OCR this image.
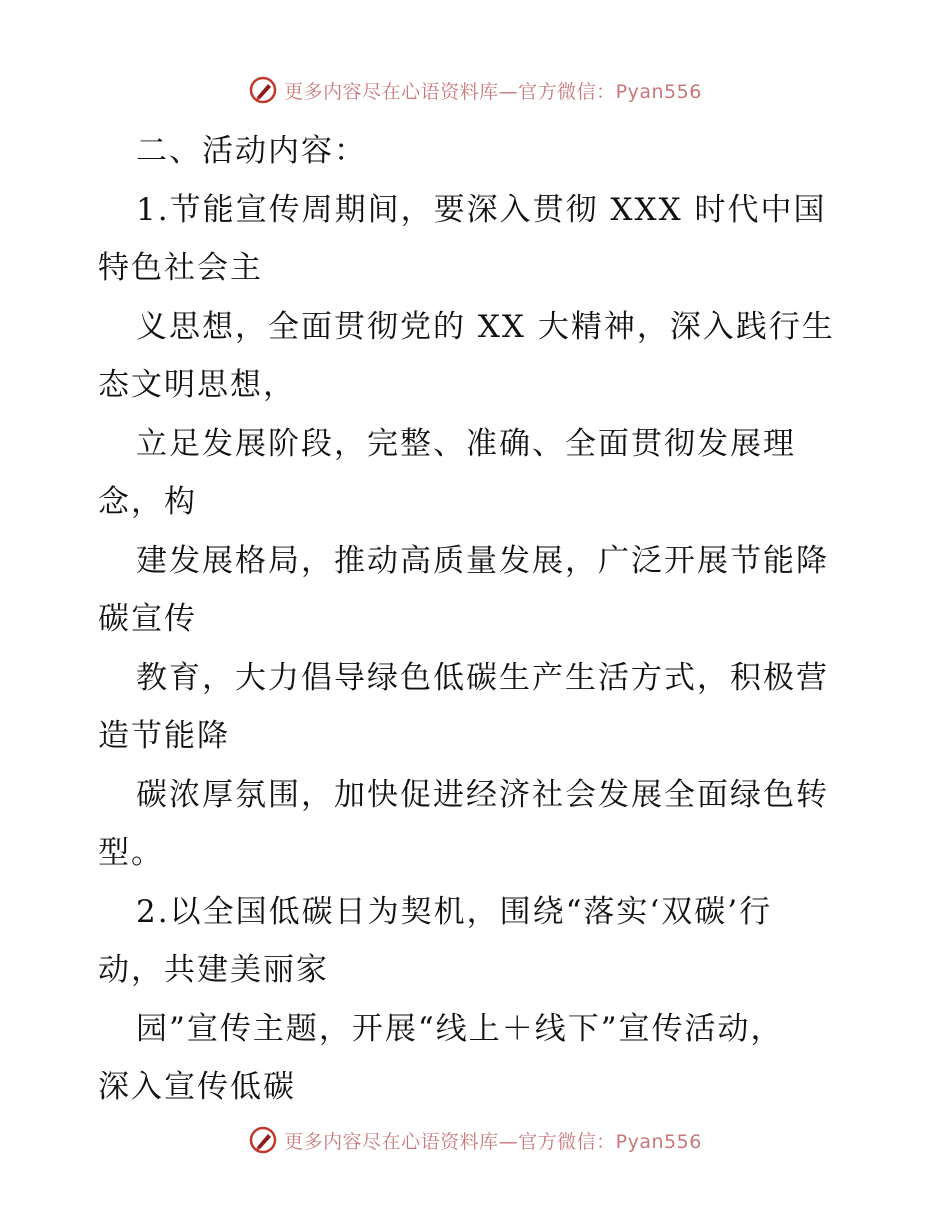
更多内容尽在心语资料库—官方微信：Pyan556
二、活动内容：
1.节能宣传周期间，要深入贯彻 XXX 时代中国
特色社会主
义思想，全面贯彻党的 XX 大精神，深入践行生
态文明思想，
立足发展阶段，完整、准确、全面贯彻发展理
念，构
建发展格局，推动高质量发展，广泛开展节能降
碳宣传
教育，大力倡导绿色低碳生产生活方式，积极营
造节能降
碳浓厚氛围，加快促进经济社会发展全面绿色转
型。
2.以全国低碳日为契机，围绕“落实‘双碳’行
动，共建美丽家
园”宣传主题，开展“线上＋线下”宣传活动，
深入宣传低碳
更多内容尽在心语资料库—官方微信：Pyan556
